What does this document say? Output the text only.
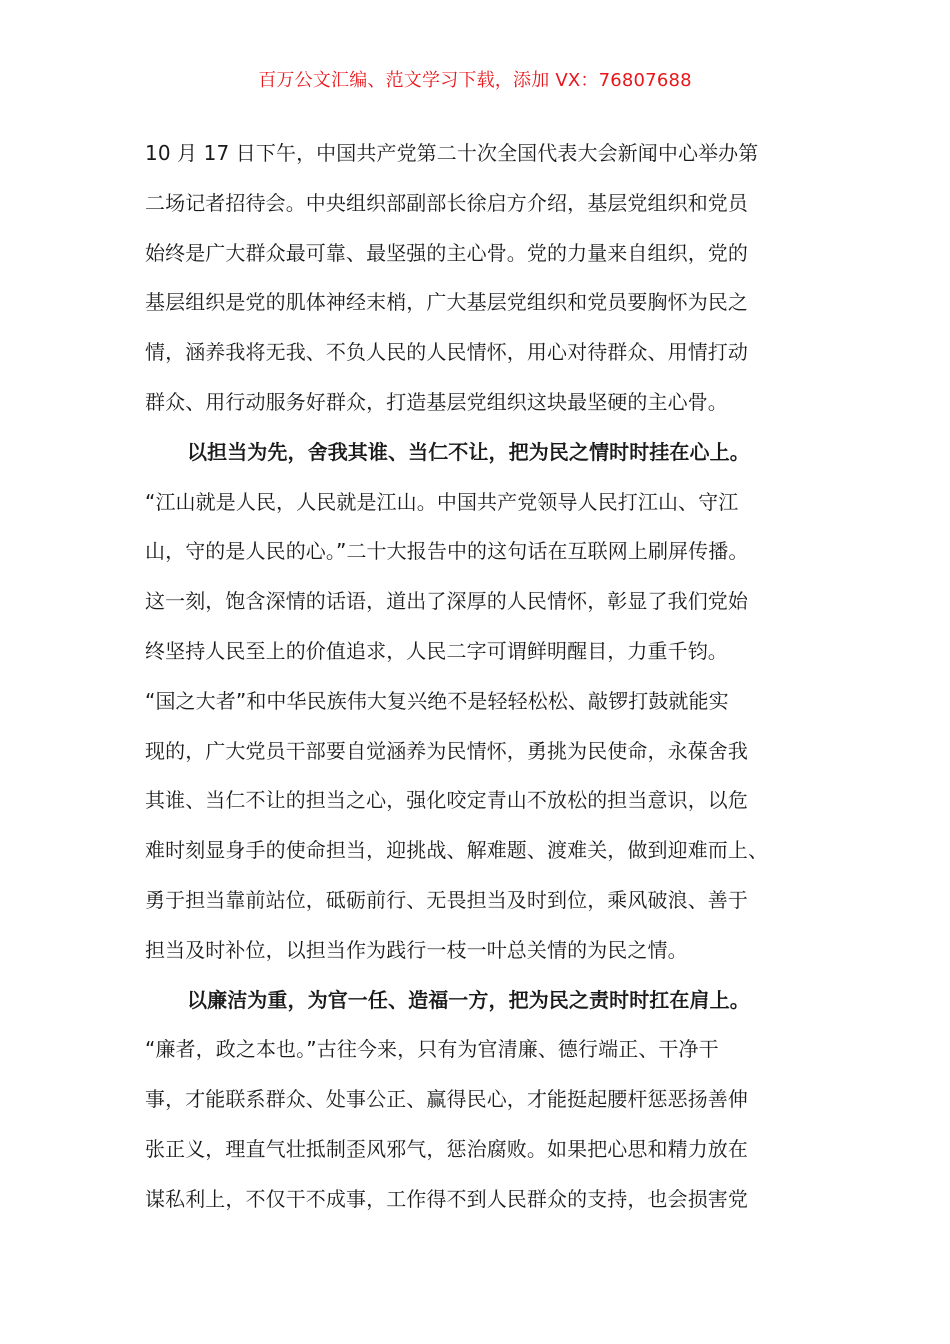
百万公文汇编、范文学习下载，添加 VX：76807688
10 月 17 日下午，中国共产党第二十次全国代表大会新闻中心举办第
二场记者招待会。中央组织部副部长徐启方介绍，基层党组织和党员
始终是广大群众最可靠、最坚强的主心骨。党的力量来自组织，党的
基层组织是党的肌体神经末梢，广大基层党组织和党员要胸怀为民之
情，涵养我将无我、不负人民的人民情怀，用心对待群众、用情打动
群众、用行动服务好群众，打造基层党组织这块最坚硬的主心骨。
以担当为先，舍我其谁、当仁不让，把为民之情时时挂在心上。
“江山就是人民，人民就是江山。中国共产党领导人民打江山、守江
山，守的是人民的心。”二十大报告中的这句话在互联网上刷屏传播。
这一刻，饱含深情的话语，道出了深厚的人民情怀，彰显了我们党始
终坚持人民至上的价值追求，人民二字可谓鲜明醒目，力重千钧。
“国之大者”和中华民族伟大复兴绝不是轻轻松松、敲锣打鼓就能实
现的，广大党员干部要自觉涵养为民情怀，勇挑为民使命，永葆舍我
其谁、当仁不让的担当之心，强化咬定青山不放松的担当意识，以危
难时刻显身手的使命担当，迎挑战、解难题、渡难关，做到迎难而上、
勇于担当靠前站位，砥砺前行、无畏担当及时到位，乘风破浪、善于
担当及时补位，以担当作为践行一枝一叶总关情的为民之情。
以廉洁为重，为官一任、造福一方，把为民之责时时扛在肩上。
“廉者，政之本也。”古往今来，只有为官清廉、德行端正、干净干
事，才能联系群众、处事公正、赢得民心，才能挺起腰杆惩恶扬善伸
张正义，理直气壮抵制歪风邪气，惩治腐败。如果把心思和精力放在
谋私利上，不仅干不成事，工作得不到人民群众的支持，也会损害党
